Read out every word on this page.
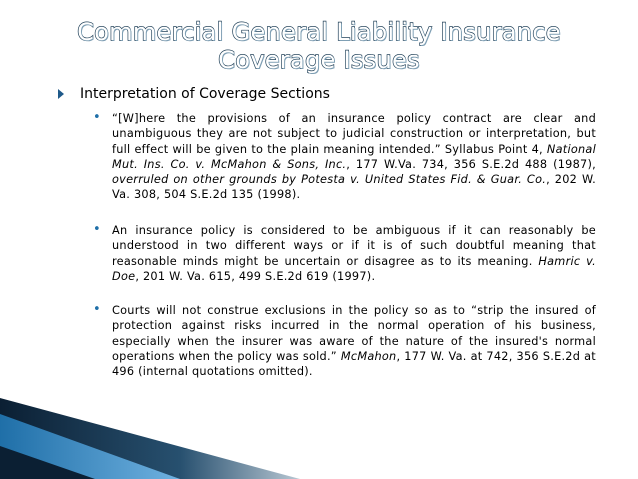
Commercial General Liability Insurance
Coverage Issues
Interpretation of Coverage Sections
• “[W]here the provisions of an insurance policy contract are clear and unambiguous they are not subject to judicial construction or interpretation, but full effect will be given to the plain meaning intended.” Syllabus Point 4, National Mut. Ins. Co. v. McMahon & Sons, Inc., 177 W.Va. 734, 356 S.E.2d 488 (1987), overruled on other grounds by Potesta v. United States Fid. & Guar. Co., 202 W. Va. 308, 504 S.E.2d 135 (1998).
• An insurance policy is considered to be ambiguous if it can reasonably be understood in two different ways or if it is of such doubtful meaning that reasonable minds might be uncertain or disagree as to its meaning. Hamric v. Doe, 201 W. Va. 615, 499 S.E.2d 619 (1997).
• Courts will not construe exclusions in the policy so as to “strip the insured of protection against risks incurred in the normal operation of his business, especially when the insurer was aware of the nature of the insured's normal operations when the policy was sold.” McMahon, 177 W. Va. at 742, 356 S.E.2d at 496 (internal quotations omitted).
